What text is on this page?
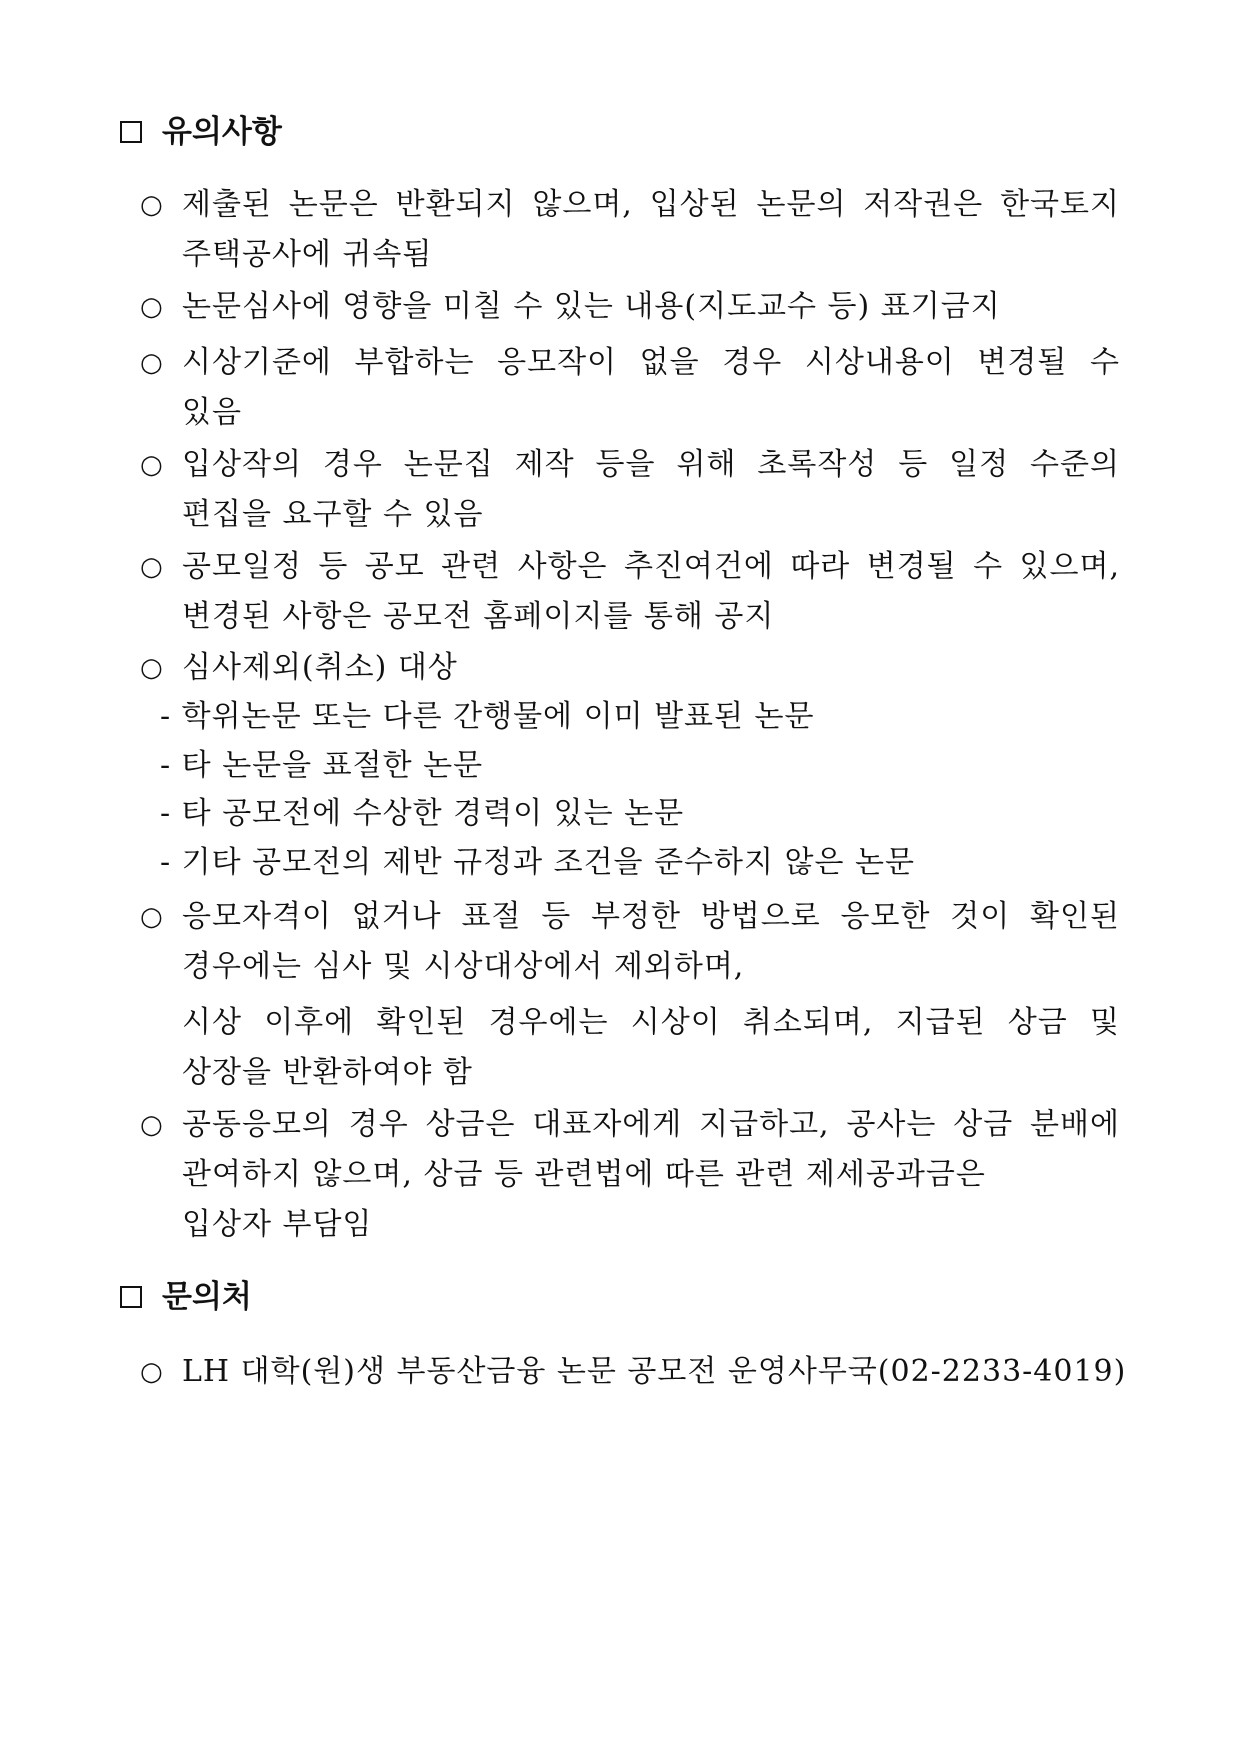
유의사항
○ 제출된 논문은 반환되지 않으며, 입상된 논문의 저작권은 한국토지
주택공사에 귀속됨
○ 논문심사에 영향을 미칠 수 있는 내용(지도교수 등) 표기금지
○ 시상기준에 부합하는 응모작이 없을 경우 시상내용이 변경될 수
있음
○ 입상작의 경우 논문집 제작 등을 위해 초록작성 등 일정 수준의
편집을 요구할 수 있음
○ 공모일정 등 공모 관련 사항은 추진여건에 따라 변경될 수 있으며,
변경된 사항은 공모전 홈페이지를 통해 공지
○ 심사제외(취소) 대상
- 학위논문 또는 다른 간행물에 이미 발표된 논문
- 타 논문을 표절한 논문
- 타 공모전에 수상한 경력이 있는 논문
- 기타 공모전의 제반 규정과 조건을 준수하지 않은 논문
○ 응모자격이 없거나 표절 등 부정한 방법으로 응모한 것이 확인된
경우에는 심사 및 시상대상에서 제외하며,
시상 이후에 확인된 경우에는 시상이 취소되며, 지급된 상금 및
상장을 반환하여야 함
○ 공동응모의 경우 상금은 대표자에게 지급하고, 공사는 상금 분배에
관여하지 않으며, 상금 등 관련법에 따른 관련 제세공과금은
입상자 부담임
문의처
○ LH 대학(원)생 부동산금융 논문 공모전 운영사무국(02-2233-4019)
